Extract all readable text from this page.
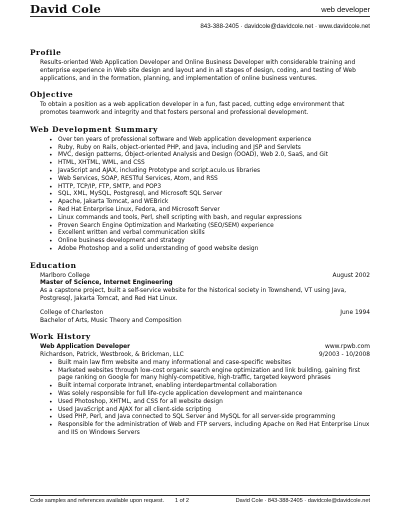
David Cole	web developer
843-388-2405 · davidcole@davidcole.net · www.davidcole.net
Profile

Results-oriented Web Application Developer and Online Business Developer with considerable training and enterprise experience in Web site design and layout and in all stages of design, coding, and testing of Web applications, and in the formation, planning, and implementation of online business ventures.

Objective

To obtain a position as a web application developer in a fun, fast paced, cutting edge environment that promotes teamwork and integrity and that fosters personal and professional development.

Web Development Summary
• Over ten years of professional software and Web application development experience
• Ruby, Ruby on Rails, object-oriented PHP, and Java, including and JSP and Servlets
• MVC, design patterns, Object-oriented Analysis and Design (OOAD), Web 2.0, SaaS, and Git
• HTML, XHTML, WML, and CSS
• JavaScript and AJAX, including Prototype and script.aculo.us libraries
• Web Services, SOAP, RESTful Services, Atom, and RSS
• HTTP, TCP/IP, FTP, SMTP, and POP3
• SQL, XML, MySQL, Postgresql, and Microsoft SQL Server
• Apache, Jakarta Tomcat, and WEBrick
• Red Hat Enterprise Linux, Fedora, and Microsoft Server
• Linux commands and tools, Perl, shell scripting with bash, and regular expressions
• Proven Search Engine Optimization and Marketing (SEO/SEM) experience
• Excellent written and verbal communication skills
• Online business development and strategy
• Adobe Photoshop and a solid understanding of good website design
Education
Marlboro College	August 2002
Master of Science, Internet Engineering
As a capstone project, built a self-service website for the historical society in Townshend, VT using Java, Postgresql, Jakarta Tomcat, and Red Hat Linux.
College of Charleston	June 1994
Bachelor of Arts, Music Theory and Composition
Work History
Web Application Developer	www.rpwb.com
Richardson, Patrick, Westbrook, & Brickman, LLC	9/2003 - 10/2008
• Built main law firm website and many informational and case-specific websites
• Marketed websites through low-cost organic search engine optimization and link building, gaining first page ranking on Google for many highly-competitive, high-traffic, targeted keyword phrases
• Built internal corporate Intranet, enabling interdepartmental collaboration
• Was solely responsible for full life-cycle application development and maintenance
• Used Photoshop, XHTML, and CSS for all website design
• Used JavaScript and AJAX for all client-side scripting
• Used PHP, Perl, and Java connected to SQL Server and MySQL for all server-side programming
• Responsible for the administration of Web and FTP servers, including Apache on Red Hat Enterprise Linux and IIS on Windows Servers
Code samples and references available upon request. 1 of 2	David Cole · 843-388-2405 · davidcole@davidcole.net
